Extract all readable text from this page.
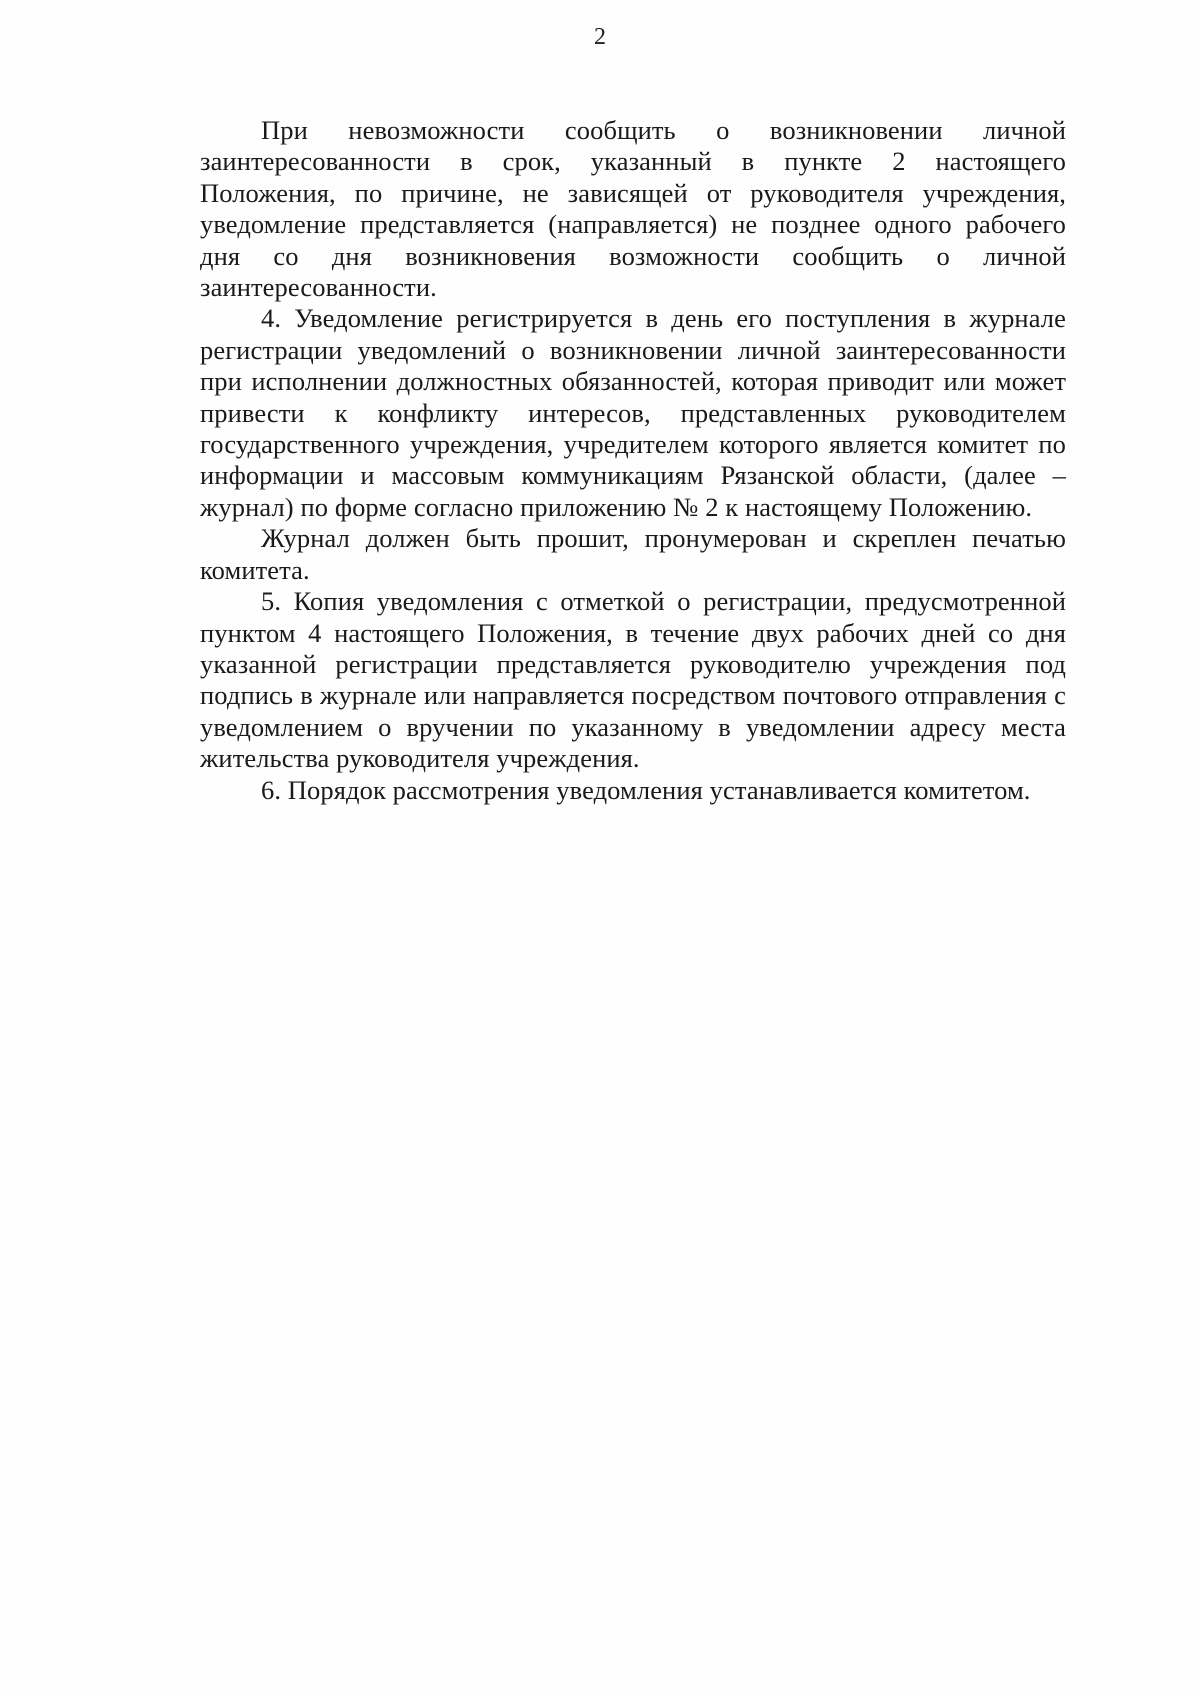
2

При невозможности сообщить о возникновении личной заинтересованности в срок, указанный в пункте 2 настоящего Положения, по причине, не зависящей от руководителя учреждения, уведомление представляется (направляется) не позднее одного рабочего дня со дня возникновения возможности сообщить о личной заинтересованности.

4. Уведомление регистрируется в день его поступления в журнале регистрации уведомлений о возникновении личной заинтересованности при исполнении должностных обязанностей, которая приводит или может привести к конфликту интересов, представленных руководителем государственного учреждения, учредителем которого является комитет по информации и массовым коммуникациям Рязанской области, (далее – журнал) по форме согласно приложению № 2 к настоящему Положению.

Журнал должен быть прошит, пронумерован и скреплен печатью комитета.

5. Копия уведомления с отметкой о регистрации, предусмотренной пунктом 4 настоящего Положения, в течение двух рабочих дней со дня указанной регистрации представляется руководителю учреждения под подпись в журнале или направляется посредством почтового отправления с уведомлением о вручении по указанному в уведомлении адресу места жительства руководителя учреждения.

6. Порядок рассмотрения уведомления устанавливается комитетом.
